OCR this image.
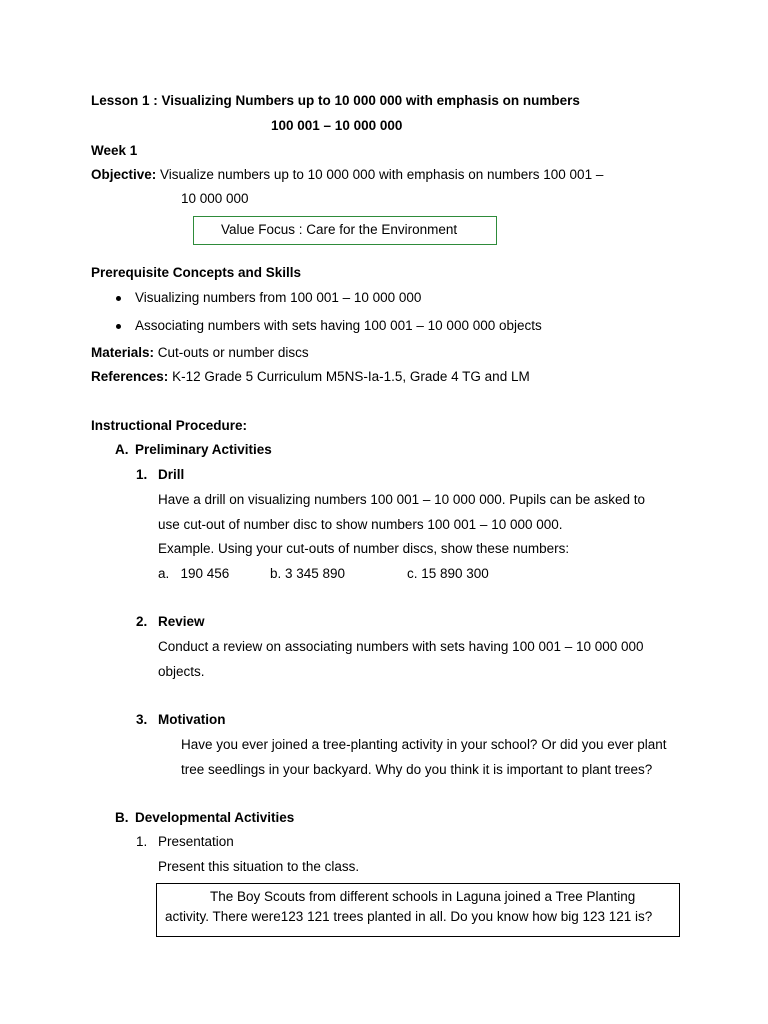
Lesson 1 : Visualizing Numbers up to 10 000 000 with emphasis on numbers
100 001 – 10 000 000
Week 1
Objective: Visualize numbers up to 10 000 000 with emphasis on numbers 100 001 –
10 000 000
Value Focus : Care for the Environment
Prerequisite Concepts and Skills
Visualizing numbers from 100 001 – 10 000 000
Associating numbers with sets having 100 001 – 10 000 000 objects
Materials: Cut-outs or number discs
References: K-12 Grade 5 Curriculum M5NS-Ia-1.5, Grade 4 TG and LM
Instructional Procedure:
A. Preliminary Activities
1. Drill
Have a drill on visualizing numbers 100 001 – 10 000 000. Pupils can be asked to
use cut-out of number disc to show numbers 100 001 – 10 000 000.
Example. Using your cut-outs of number discs, show these numbers:
a.   190 456	b. 3 345 890	c. 15 890 300
2. Review
Conduct a review on associating numbers with sets having 100 001 – 10 000 000
objects.
3. Motivation
Have you ever joined a tree-planting activity in your school? Or did you ever plant
tree seedlings in your backyard. Why do you think it is important to plant trees?
B. Developmental Activities
1. Presentation
Present this situation to the class.
The Boy Scouts from different schools in Laguna joined a Tree Planting
activity. There were123 121 trees planted in all. Do you know how big 123 121 is?
